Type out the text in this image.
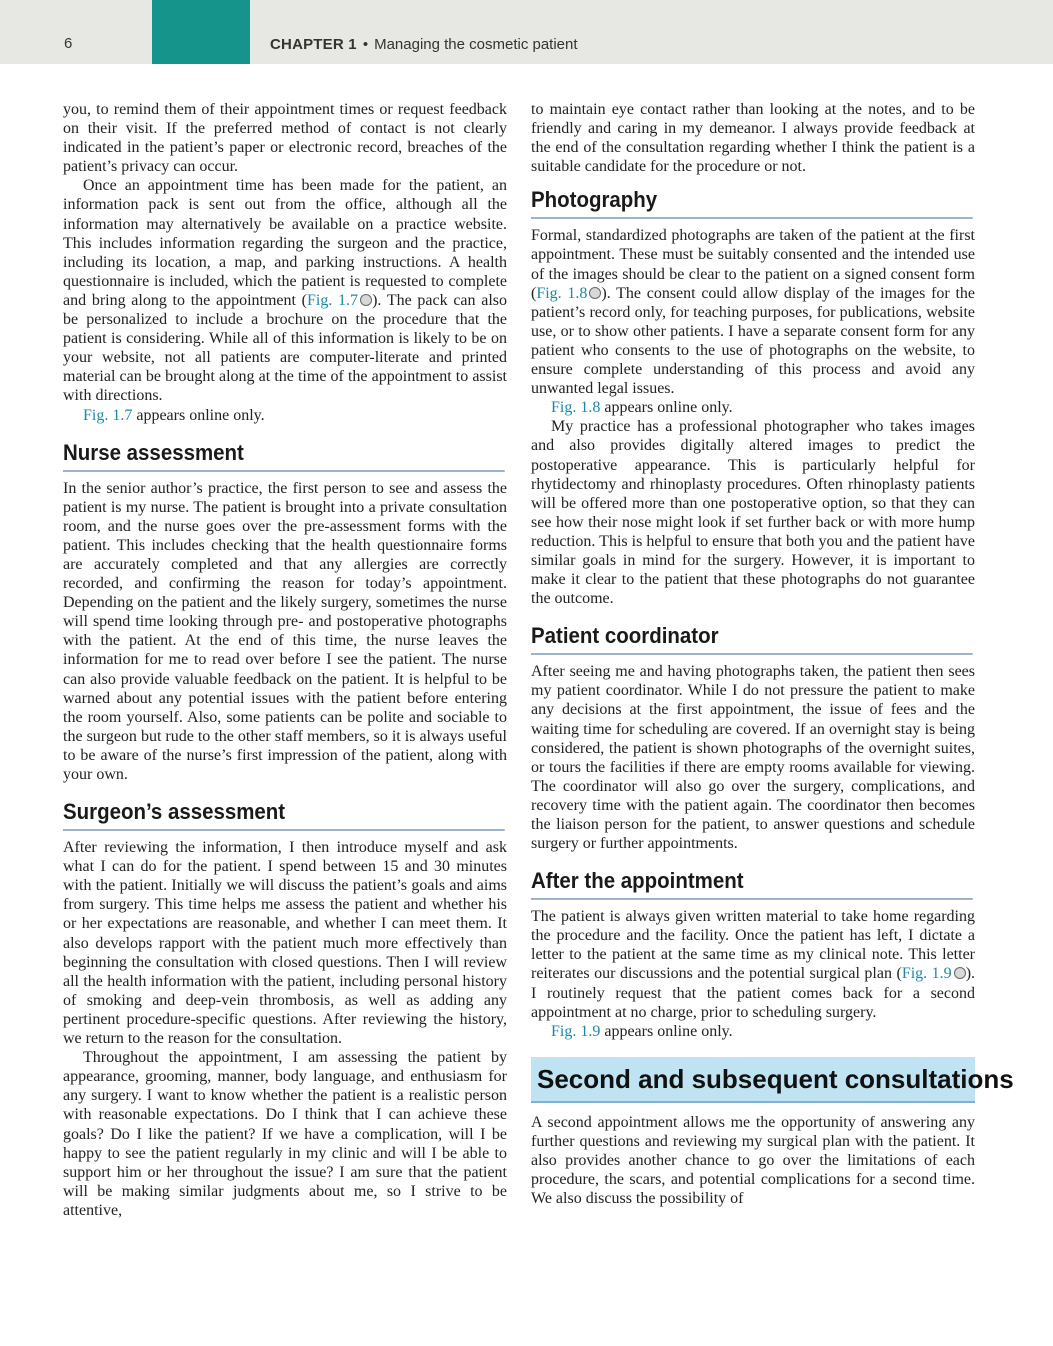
6	CHAPTER 1 • Managing the cosmetic patient

you, to remind them of their appointment times or request feedback on their visit. If the preferred method of contact is not clearly indicated in the patient’s paper or electronic record, breaches of the patient’s privacy can occur.

Once an appointment time has been made for the patient, an information pack is sent out from the office, although all the information may alternatively be available on a practice website. This includes information regarding the surgeon and the practice, including its location, a map, and parking instructions. A health questionnaire is included, which the patient is requested to complete and bring along to the appointment (Fig. 1.7 ). The pack can also be personalized to include a brochure on the procedure that the patient is considering. While all of this information is likely to be on your website, not all patients are computer-literate and printed material can be brought along at the time of the appointment to assist with directions.

Fig. 1.7 appears online only.

Nurse assessment

In the senior author’s practice, the first person to see and assess the patient is my nurse. The patient is brought into a private consultation room, and the nurse goes over the pre-assessment forms with the patient. This includes checking that the health questionnaire forms are accurately completed and that any allergies are correctly recorded, and confirming the reason for today’s appointment. Depending on the patient and the likely surgery, sometimes the nurse will spend time looking through pre- and postoperative photographs with the patient. At the end of this time, the nurse leaves the information for me to read over before I see the patient. The nurse can also provide valuable feedback on the patient. It is helpful to be warned about any potential issues with the patient before entering the room yourself. Also, some patients can be polite and sociable to the surgeon but rude to the other staff members, so it is always useful to be aware of the nurse’s first impression of the patient, along with your own.

Surgeon’s assessment

After reviewing the information, I then introduce myself and ask what I can do for the patient. I spend between 15 and 30 minutes with the patient. Initially we will discuss the patient’s goals and aims from surgery. This time helps me assess the patient and whether his or her expectations are reasonable, and whether I can meet them. It also develops rapport with the patient much more effectively than beginning the consultation with closed questions. Then I will review all the health information with the patient, including personal history of smoking and deep-vein thrombosis, as well as adding any pertinent procedure-specific questions. After reviewing the history, we return to the reason for the consultation.

Throughout the appointment, I am assessing the patient by appearance, grooming, manner, body language, and enthusiasm for any surgery. I want to know whether the patient is a realistic person with reasonable expectations. Do I think that I can achieve these goals? Do I like the patient? If we have a complication, will I be happy to see the patient regularly in my clinic and will I be able to support him or her throughout the issue? I am sure that the patient will be making similar judgments about me, so I strive to be attentive,

to maintain eye contact rather than looking at the notes, and to be friendly and caring in my demeanor. I always provide feedback at the end of the consultation regarding whether I think the patient is a suitable candidate for the procedure or not.

Photography

Formal, standardized photographs are taken of the patient at the first appointment. These must be suitably consented and the intended use of the images should be clear to the patient on a signed consent form (Fig. 1.8 ). The consent could allow display of the images for the patient’s record only, for teaching purposes, for publications, website use, or to show other patients. I have a separate consent form for any patient who consents to the use of photographs on the website, to ensure complete understanding of this process and avoid any unwanted legal issues.

Fig. 1.8 appears online only.

My practice has a professional photographer who takes images and also provides digitally altered images to predict the postoperative appearance. This is particularly helpful for rhytidectomy and rhinoplasty procedures. Often rhinoplasty patients will be offered more than one postoperative option, so that they can see how their nose might look if set further back or with more hump reduction. This is helpful to ensure that both you and the patient have similar goals in mind for the surgery. However, it is important to make it clear to the patient that these photographs do not guarantee the outcome.

Patient coordinator

After seeing me and having photographs taken, the patient then sees my patient coordinator. While I do not pressure the patient to make any decisions at the first appointment, the issue of fees and the waiting time for scheduling are covered. If an overnight stay is being considered, the patient is shown photographs of the overnight suites, or tours the facilities if there are empty rooms available for viewing. The coordinator will also go over the surgery, complications, and recovery time with the patient again. The coordinator then becomes the liaison person for the patient, to answer questions and schedule surgery or further appointments.

After the appointment

The patient is always given written material to take home regarding the procedure and the facility. Once the patient has left, I dictate a letter to the patient at the same time as my clinical note. This letter reiterates our discussions and the potential surgical plan (Fig. 1.9 ). I routinely request that the patient comes back for a second appointment at no charge, prior to scheduling surgery.

Fig. 1.9 appears online only.

Second and subsequent consultations

A second appointment allows me the opportunity of answering any further questions and reviewing my surgical plan with the patient. It also provides another chance to go over the limitations of each procedure, the scars, and potential complications for a second time. We also discuss the possibility of
